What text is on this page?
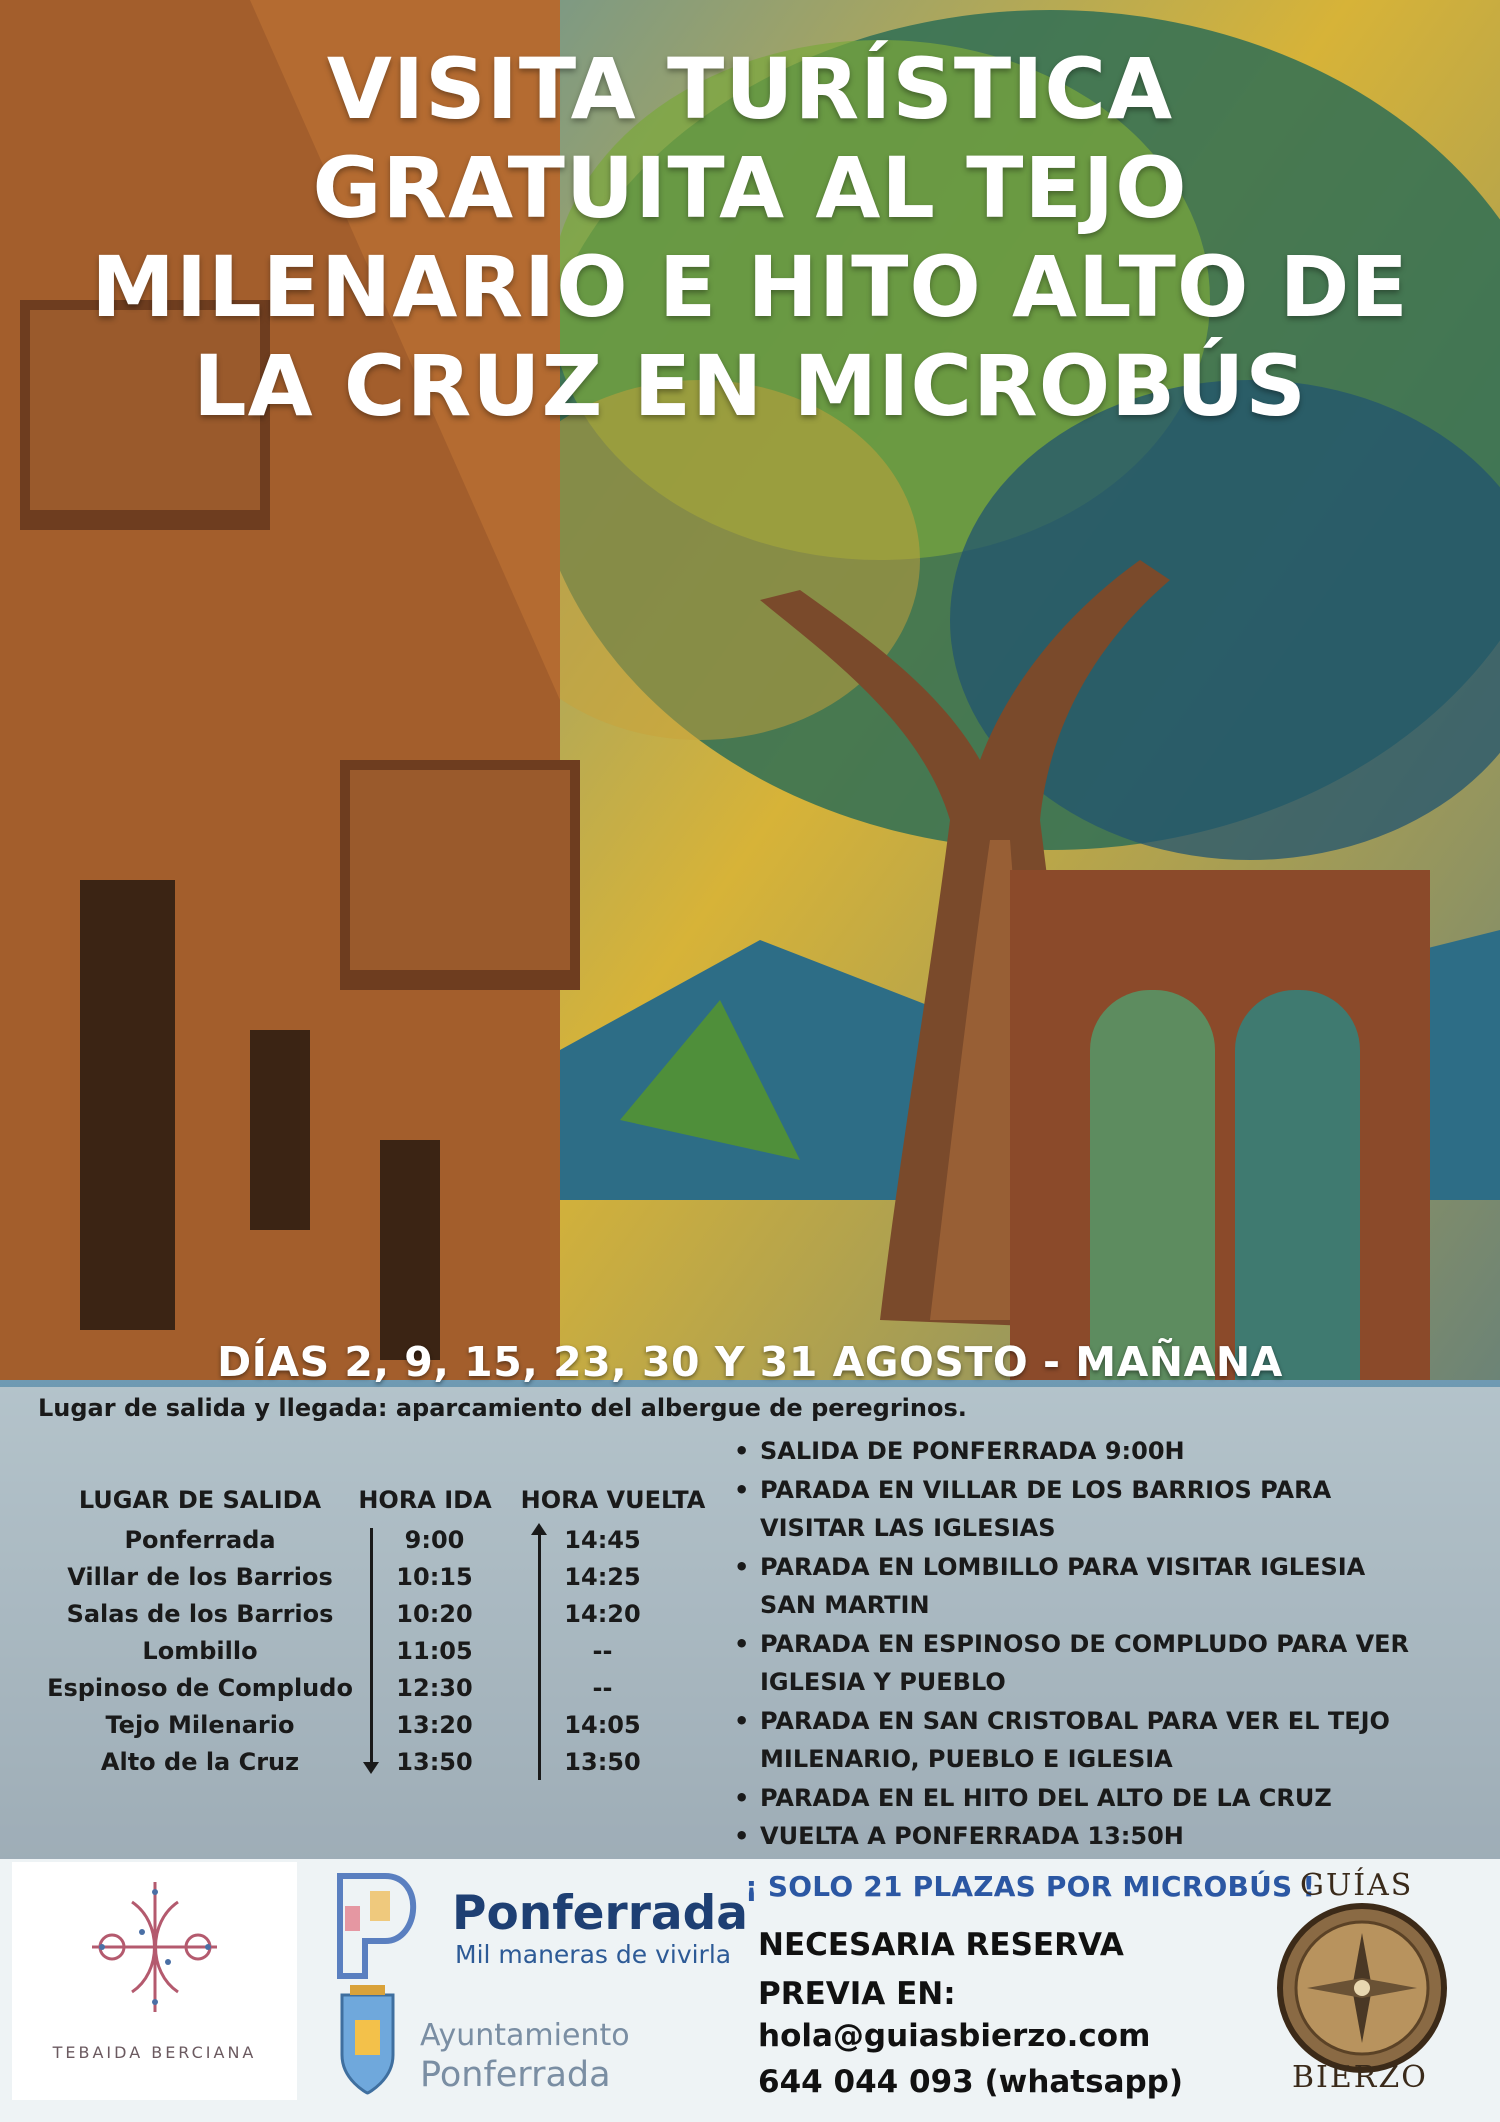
VISITA TURÍSTICA
GRATUITA AL TEJO
MILENARIO E HITO ALTO DE
LA CRUZ EN MICROBÚS
DÍAS 2, 9, 15, 23, 30 Y 31 AGOSTO - MAÑANA
Lugar de salida y llegada: aparcamiento del albergue de peregrinos.
LUGAR DE SALIDA	HORA IDA	HORA VUELTA
Ponferrada	9:00	14:45
Villar de los Barrios	10:15	14:25
Salas de los Barrios	10:20	14:20
Lombillo	11:05	--
Espinoso de Compludo	12:30	--
Tejo Milenario	13:20	14:05
Alto de la Cruz	13:50	13:50
• SALIDA DE PONFERRADA 9:00H
• PARADA EN VILLAR DE LOS BARRIOS PARA
VISITAR LAS IGLESIAS
• PARADA EN LOMBILLO PARA VISITAR IGLESIA
SAN MARTIN
• PARADA EN ESPINOSO DE COMPLUDO PARA VER
IGLESIA Y PUEBLO
• PARADA EN SAN CRISTOBAL PARA VER EL TEJO
MILENARIO, PUEBLO E IGLESIA
• PARADA EN EL HITO DEL ALTO DE LA CRUZ
• VUELTA A PONFERRADA 13:50H
TEBAIDA BERCIANA
Ponferrada
Mil maneras de vivirla
Ayuntamiento
Ponferrada
¡ SOLO 21 PLAZAS POR MICROBÚS !
NECESARIA RESERVA
PREVIA EN:
hola@guiasbierzo.com
644 044 093 (whatsapp)
GUÍAS
BIERZO
